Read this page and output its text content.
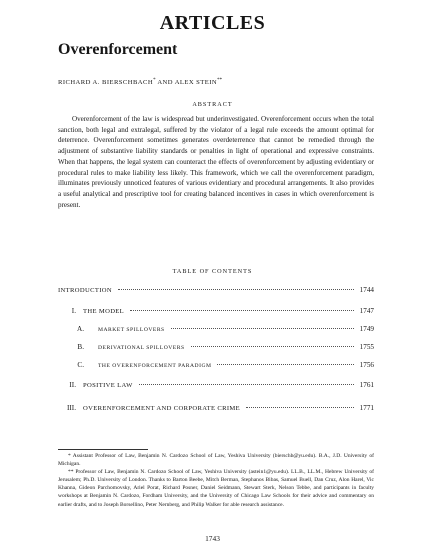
ARTICLES
Overenforcement
RICHARD A. BIERSCHBACH* AND ALEX STEIN**
ABSTRACT

Overenforcement of the law is widespread but underinvestigated. Overenforcement occurs when the total sanction, both legal and extralegal, suffered by the violator of a legal rule exceeds the amount optimal for deterrence. Overenforcement sometimes generates overdeterrence that cannot be remedied through the adjustment of substantive liability standards or penalties in light of operational and expressive constraints. When that happens, the legal system can counteract the effects of overenforcement by adjusting evidentiary or procedural rules to make liability less likely. This framework, which we call the overenforcement paradigm, illuminates previously unnoticed features of various evidentiary and procedural arrangements. It also provides a useful analytical and prescriptive tool for creating balanced incentives in cases in which overenforcement is present.

TABLE OF CONTENTS
INTRODUCTION	1744
I.	THE MODEL	1747
A.	MARKET SPILLOVERS	1749
B.	DERIVATIONAL SPILLOVERS	1755
C.	THE OVERENFORCEMENT PARADIGM	1756
II.	POSITIVE LAW	1761
III.	OVERENFORCEMENT AND CORPORATE CRIME	1771

* Assistant Professor of Law, Benjamin N. Cardozo School of Law, Yeshiva University (bierschb@yu.edu). B.A., J.D. University of Michigan.

** Professor of Law, Benjamin N. Cardozo School of Law, Yeshiva University (astein1@yu.edu). LL.B., LL.M., Hebrew University of Jerusalem; Ph.D. University of London. Thanks to Barton Beebe, Mitch Berman, Stephanos Bibas, Samuel Buell, Dan Cruz, Alon Harel, Vic Khanna, Gideon Parchomovsky, Ariel Porat, Richard Posner, Daniel Seidmann, Stewart Sterk, Nelson Tebbe, and participants in faculty workshops at Benjamin N. Cardozo, Fordham University, and the University of Chicago Law Schools for their advice and commentary on earlier drafts, and to Joseph Borsellino, Peter Nernberg, and Philip Walker for able research assistance.

1743
